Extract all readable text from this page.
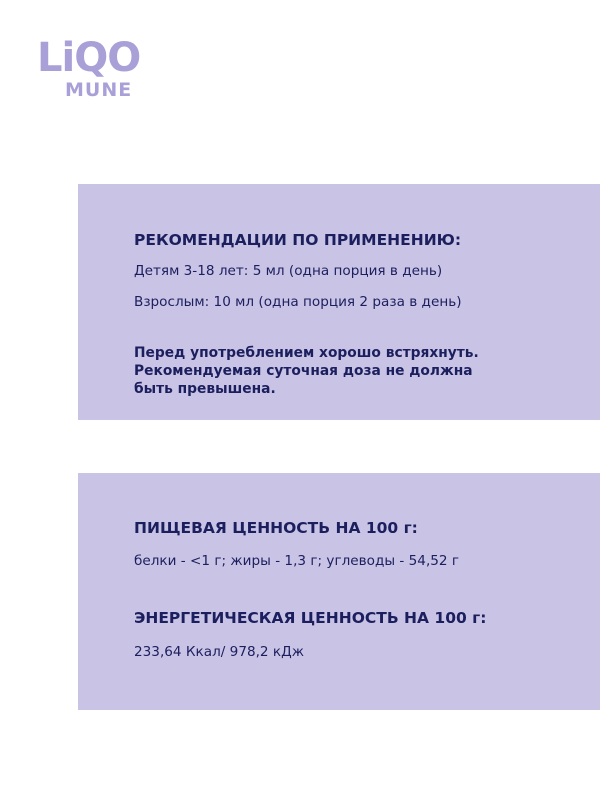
LiQO
MUNE
РЕКОМЕНДАЦИИ ПО ПРИМЕНЕНИЮ:
Детям 3-18 лет: 5 мл (одна порция в день)
Взрослым: 10 мл (одна порция 2 раза в день)
Перед употреблением хорошо встряхнуть.
Рекомендуемая суточная доза не должна
быть превышена.
ПИЩЕВАЯ ЦЕННОСТЬ НА 100 г:
белки - <1 г; жиры - 1,3 г; углеводы - 54,52 г
ЭНЕРГЕТИЧЕСКАЯ ЦЕННОСТЬ НА 100 г:
233,64 Ккал/ 978,2 кДж
